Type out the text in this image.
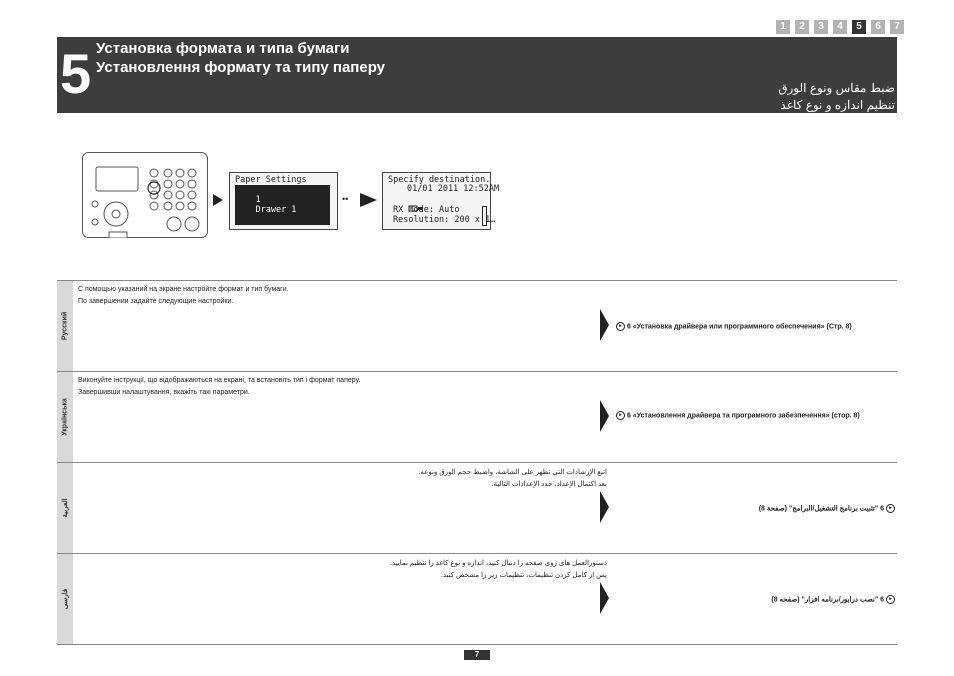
1	2	3	4	5	6	7
5 Установка формата и типа бумаги
Установлення формату та типу паперу
ضبط مقاس ونوع الورق
تنظیم اندازه و نوع کاغذ
Paper Settings

1
Drawer 1

••
Specify destination.
01/01 2011 12:52AM

RX Mode: Auto
Resolution: 200 x 1…
Русский
С помощью указаний на экране настройте формат и тип бумаги.
По завершении задайте следующие настройки.
▸ 6 «Установка драйвера или программного обеспечения» (Стр. 8)
Українська
Виконуйте інструкції, що відображаються на екрані, та встановіть тип і формат паперу.
Завершивши налаштування, вкажіть такі параметри.
▸ 6 «Установлення драйвера та програмного забезпечення» (стор. 8)
العربية
اتبع الإرشادات التي تظهر على الشاشة، واضبط حجم الورق ونوعه.
بعد اكتمال الإعداد، حدد الإعدادات التالية.
▸ 6 "تثبيت برنامج التشغيل/البرامج" (صفحة 8)
فارسی
دستورالعمل های روی صفحه را دنبال کنید، اندازه و نوع کاغذ را تنظیم نمایید.
پس از کامل کردن تنظیمات، تنظیمات زیر را مشخص کنید.
▸ 6 "نصب درایور/برنامه افزار" (صفحه 8)
7
